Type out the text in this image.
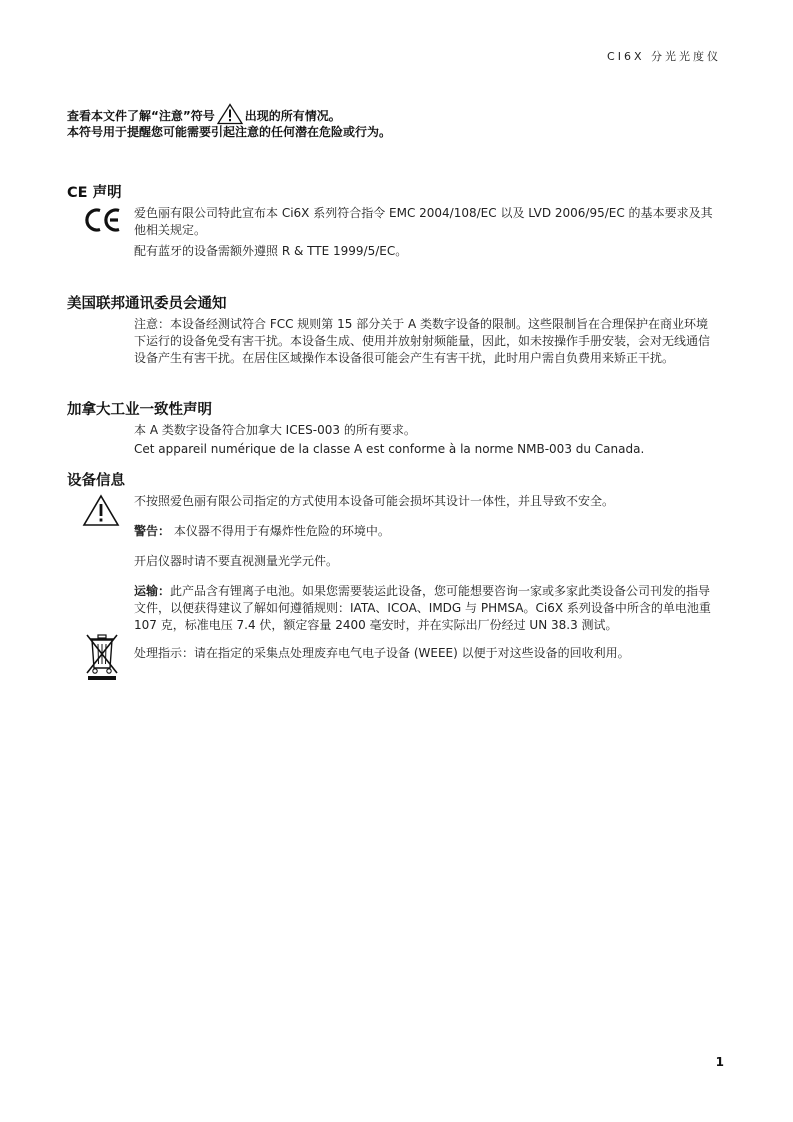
CI6X 分光光度仪
查看本文件了解“注意”符号	出现的所有情况。
本符号用于提醒您可能需要引起注意的任何潜在危险或行为。
CE 声明
爱色丽有限公司特此宣布本 Ci6X 系列符合指令 EMC 2004/108/EC 以及 LVD 2006/95/EC 的基本要求及其他相关规定。
配有蓝牙的设备需额外遵照 R & TTE 1999/5/EC。
美国联邦通讯委员会通知
注意：本设备经测试符合 FCC 规则第 15 部分关于 A 类数字设备的限制。这些限制旨在合理保护在商业环境下运行的设备免受有害干扰。本设备生成、使用并放射射频能量，因此，如未按操作手册安装，会对无线通信设备产生有害干扰。在居住区域操作本设备很可能会产生有害干扰，此时用户需自负费用来矫正干扰。
加拿大工业一致性声明
本 A 类数字设备符合加拿大 ICES-003 的所有要求。
Cet appareil numérique de la classe A est conforme à la norme NMB-003 du Canada.
设备信息
不按照爱色丽有限公司指定的方式使用本设备可能会损坏其设计一体性，并且导致不安全。
警告： 本仪器不得用于有爆炸性危险的环境中。
开启仪器时请不要直视测量光学元件。
运输：此产品含有锂离子电池。如果您需要装运此设备，您可能想要咨询一家或多家此类设备公司刊发的指导文件，以便获得建议了解如何遵循规则：IATA、ICOA、IMDG 与 PHMSA。Ci6X 系列设备中所含的单电池重 107 克，标准电压 7.4 伏，额定容量 2400 毫安时，并在实际出厂份经过 UN 38.3 测试。
处理指示：请在指定的采集点处理废弃电气电子设备 (WEEE) 以便于对这些设备的回收利用。
1
